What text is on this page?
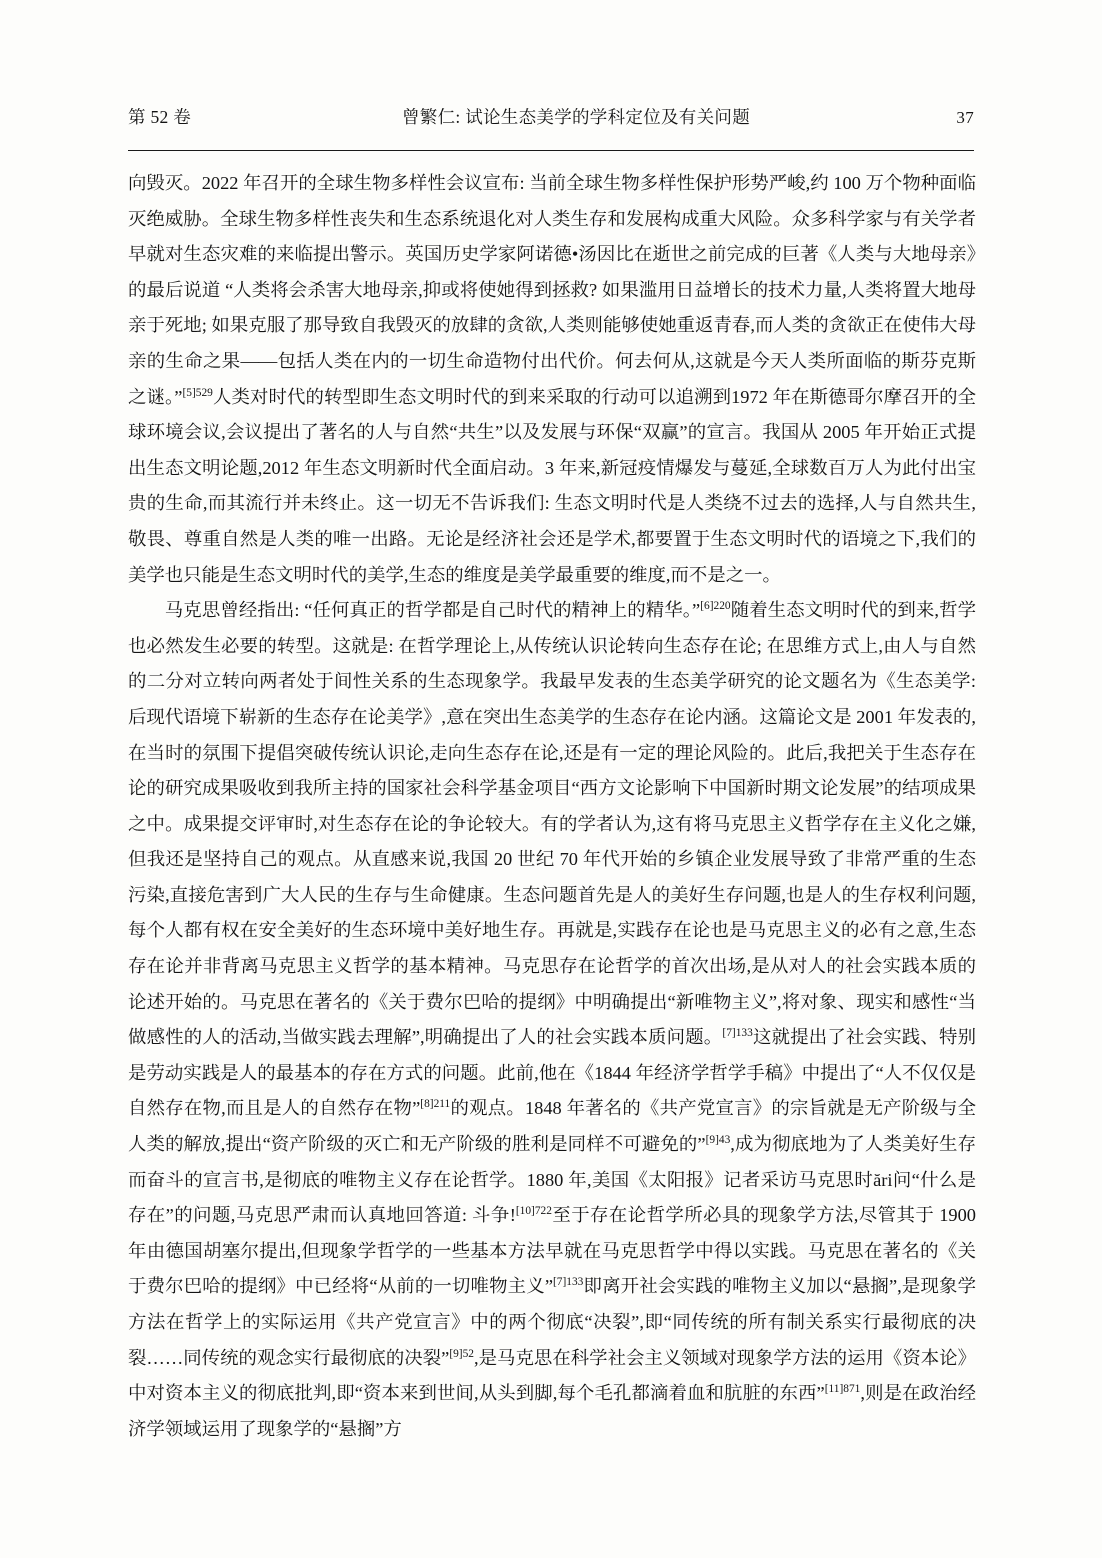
第 52 卷	曾繁仁: 试论生态美学的学科定位及有关问题	37

向毁灭。2022 年召开的全球生物多样性会议宣布: 当前全球生物多样性保护形势严峻,约 100 万个物种面临灭绝威胁。全球生物多样性丧失和生态系统退化对人类生存和发展构成重大风险。众多科学家与有关学者早就对生态灾难的来临提出警示。英国历史学家阿诺德•汤因比在逝世之前完成的巨著《人类与大地母亲》的最后说道 “人类将会杀害大地母亲,抑或将使她得到拯救? 如果滥用日益增长的技术力量,人类将置大地母亲于死地; 如果克服了那导致自我毁灭的放肆的贪欲,人类则能够使她重返青春,而人类的贪欲正在使伟大母亲的生命之果——包括人类在内的一切生命造物付出代价。何去何从,这就是今天人类所面临的斯芬克斯之谜。”$^{[5]529}$人类对时代的转型即生态文明时代的到来采取的行动可以追溯到1972 年在斯德哥尔摩召开的全球环境会议,会议提出了著名的人与自然“共生”以及发展与环保“双赢”的宣言。我国从 2005 年开始正式提出生态文明论题,2012 年生态文明新时代全面启动。3 年来,新冠疫情爆发与蔓延,全球数百万人为此付出宝贵的生命,而其流行并未终止。这一切无不告诉我们: 生态文明时代是人类绕不过去的选择,人与自然共生,敬畏、尊重自然是人类的唯一出路。无论是经济社会还是学术,都要置于生态文明时代的语境之下,我们的美学也只能是生态文明时代的美学,生态的维度是美学最重要的维度,而不是之一。

马克思曾经指出: “任何真正的哲学都是自己时代的精神上的精华。”$^{[6]220}$随着生态文明时代的到来,哲学也必然发生必要的转型。这就是: 在哲学理论上,从传统认识论转向生态存在论; 在思维方式上,由人与自然的二分对立转向两者处于间性关系的生态现象学。我最早发表的生态美学研究的论文题名为《生态美学: 后现代语境下崭新的生态存在论美学》,意在突出生态美学的生态存在论内涵。这篇论文是 2001 年发表的,在当时的氛围下提倡突破传统认识论,走向生态存在论,还是有一定的理论风险的。此后,我把关于生态存在论的研究成果吸收到我所主持的国家社会科学基金项目“西方文论影响下中国新时期文论发展”的结项成果之中。成果提交评审时,对生态存在论的争论较大。有的学者认为,这有将马克思主义哲学存在主义化之嫌,但我还是坚持自己的观点。从直感来说,我国 20 世纪 70 年代开始的乡镇企业发展导致了非常严重的生态污染,直接危害到广大人民的生存与生命健康。生态问题首先是人的美好生存问题,也是人的生存权利问题,每个人都有权在安全美好的生态环境中美好地生存。再就是,实践存在论也是马克思主义的必有之意,生态存在论并非背离马克思主义哲学的基本精神。马克思存在论哲学的首次出场,是从对人的社会实践本质的论述开始的。马克思在著名的《关于费尔巴哈的提纲》中明确提出“新唯物主义”,将对象、现实和感性“当做感性的人的活动,当做实践去理解”,明确提出了人的社会实践本质问题。$^{[7]133}$这就提出了社会实践、特别是劳动实践是人的最基本的存在方式的问题。此前,他在《1844 年经济学哲学手稿》中提出了“人不仅仅是自然存在物,而且是人的自然存在物”$^{[8]211}$的观点。1848 年著名的《共产党宣言》的宗旨就是无产阶级与全人类的解放,提出“资产阶级的灭亡和无产阶级的胜利是同样不可避免的”$^{[9]43}$,成为彻底地为了人类美好生存而奋斗的宣言书,是彻底的唯物主义存在论哲学。1880 年,美国《太阳报》记者采访马克思时ări问“什么是存在”的问题,马克思严肃而认真地回答道: 斗争!$^{[10]722}$至于存在论哲学所必具的现象学方法,尽管其于 1900 年由德国胡塞尔提出,但现象学哲学的一些基本方法早就在马克思哲学中得以实践。马克思在著名的《关于费尔巴哈的提纲》中已经将“从前的一切唯物主义”$^{[7]133}$即离开社会实践的唯物主义加以“悬搁”,是现象学方法在哲学上的实际运用《共产党宣言》中的两个彻底“决裂”,即“同传统的所有制关系实行最彻底的决裂……同传统的观念实行最彻底的决裂”$^{[9]52}$,是马克思在科学社会主义领域对现象学方法的运用《资本论》中对资本主义的彻底批判,即“资本来到世间,从头到脚,每个毛孔都滴着血和肮脏的东西”$^{[11]871}$,则是在政治经济学领域运用了现象学的“悬搁”方
